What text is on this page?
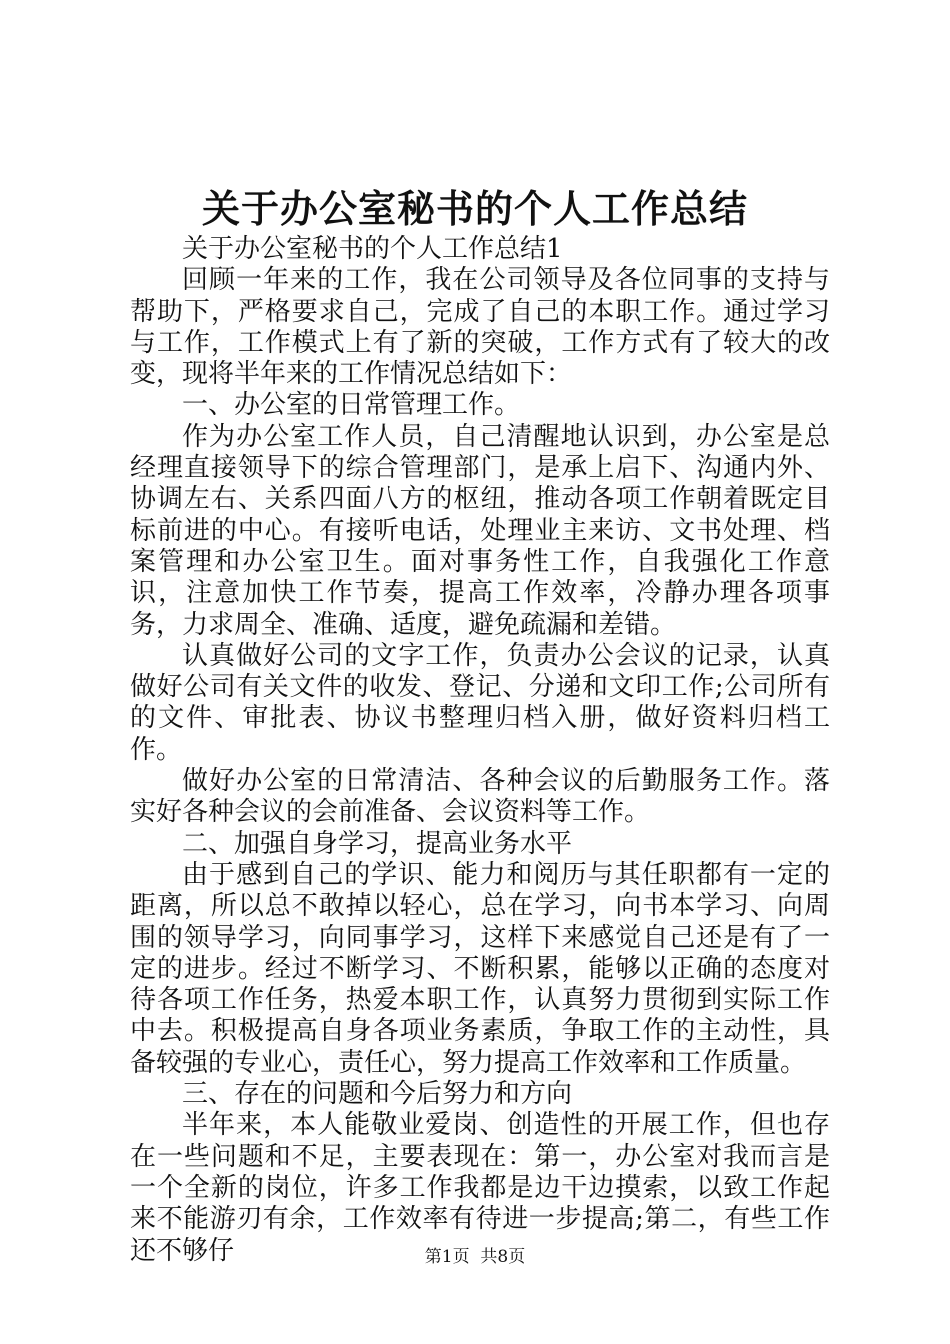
关于办公室秘书的个人工作总结

关于办公室秘书的个人工作总结1

回顾一年来的工作，我在公司领导及各位同事的支持与帮助下，严格要求自己，完成了自己的本职工作。通过学习与工作，工作模式上有了新的突破，工作方式有了较大的改变，现将半年来的工作情况总结如下：

一、办公室的日常管理工作。

作为办公室工作人员，自己清醒地认识到，办公室是总经理直接领导下的综合管理部门，是承上启下、沟通内外、协调左右、关系四面八方的枢纽，推动各项工作朝着既定目标前进的中心。有接听电话，处理业主来访、文书处理、档案管理和办公室卫生。面对事务性工作，自我强化工作意识，注意加快工作节奏，提高工作效率，冷静办理各项事务，力求周全、准确、适度，避免疏漏和差错。

认真做好公司的文字工作，负责办公会议的记录，认真做好公司有关文件的收发、登记、分递和文印工作;公司所有的文件、审批表、协议书整理归档入册，做好资料归档工作。

做好办公室的日常清洁、各种会议的后勤服务工作。落实好各种会议的会前准备、会议资料等工作。

二、加强自身学习，提高业务水平

由于感到自己的学识、能力和阅历与其任职都有一定的距离，所以总不敢掉以轻心，总在学习，向书本学习、向周围的领导学习，向同事学习，这样下来感觉自己还是有了一定的进步。经过不断学习、不断积累，能够以正确的态度对待各项工作任务，热爱本职工作，认真努力贯彻到实际工作中去。积极提高自身各项业务素质，争取工作的主动性，具备较强的专业心，责任心，努力提高工作效率和工作质量。

三、存在的问题和今后努力和方向

半年来，本人能敬业爱岗、创造性的开展工作，但也存在一些问题和不足，主要表现在：第一，办公室对我而言是一个全新的岗位，许多工作我都是边干边摸索，以致工作起来不能游刃有余，工作效率有待进一步提高;第二，有些工作还不够仔	第1页 共8页
